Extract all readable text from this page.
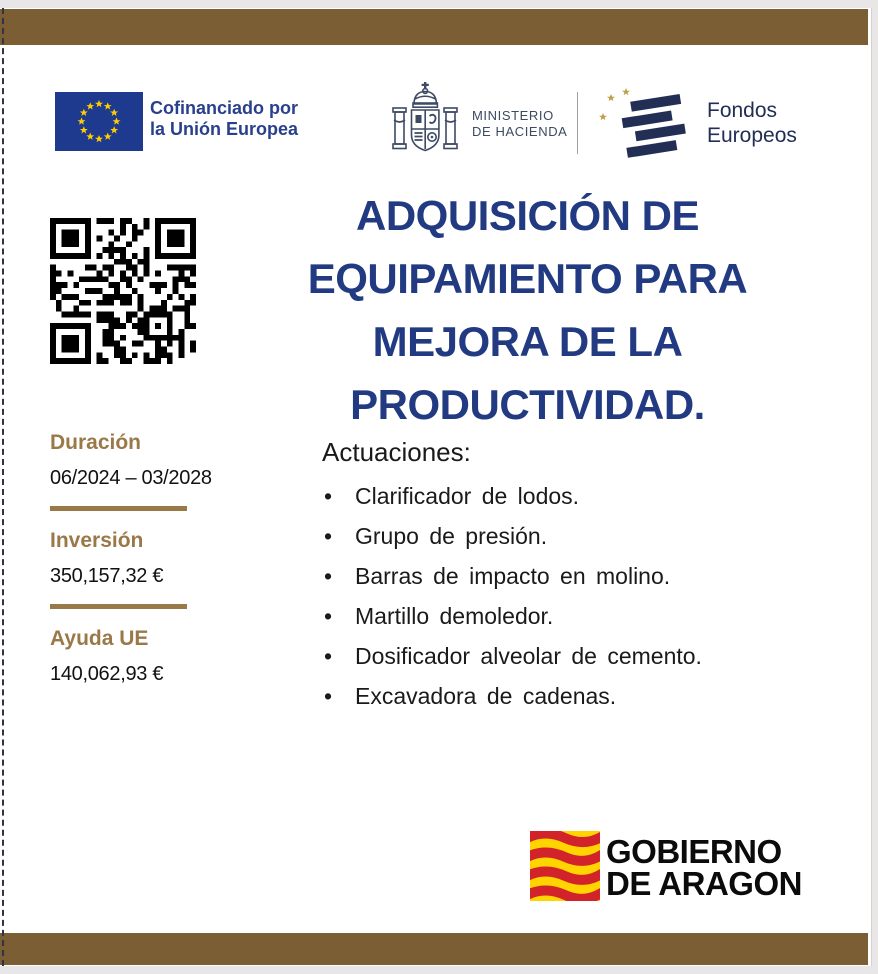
Cofinanciado por
la Unión Europea
MINISTERIO
DE HACIENDA
Fondos
Europeos
ADQUISICIÓN DE
EQUIPAMIENTO PARA
MEJORA DE LA
PRODUCTIVIDAD.
Duración
06/2024 – 03/2028
Inversión
350,157,32 €
Ayuda UE
140,062,93 €
Actuaciones:
• Clarificador de lodos.
• Grupo de presión.
• Barras de impacto en molino.
• Martillo demoledor.
• Dosificador alveolar de cemento.
• Excavadora de cadenas.
GOBIERNO
DE ARAGON
